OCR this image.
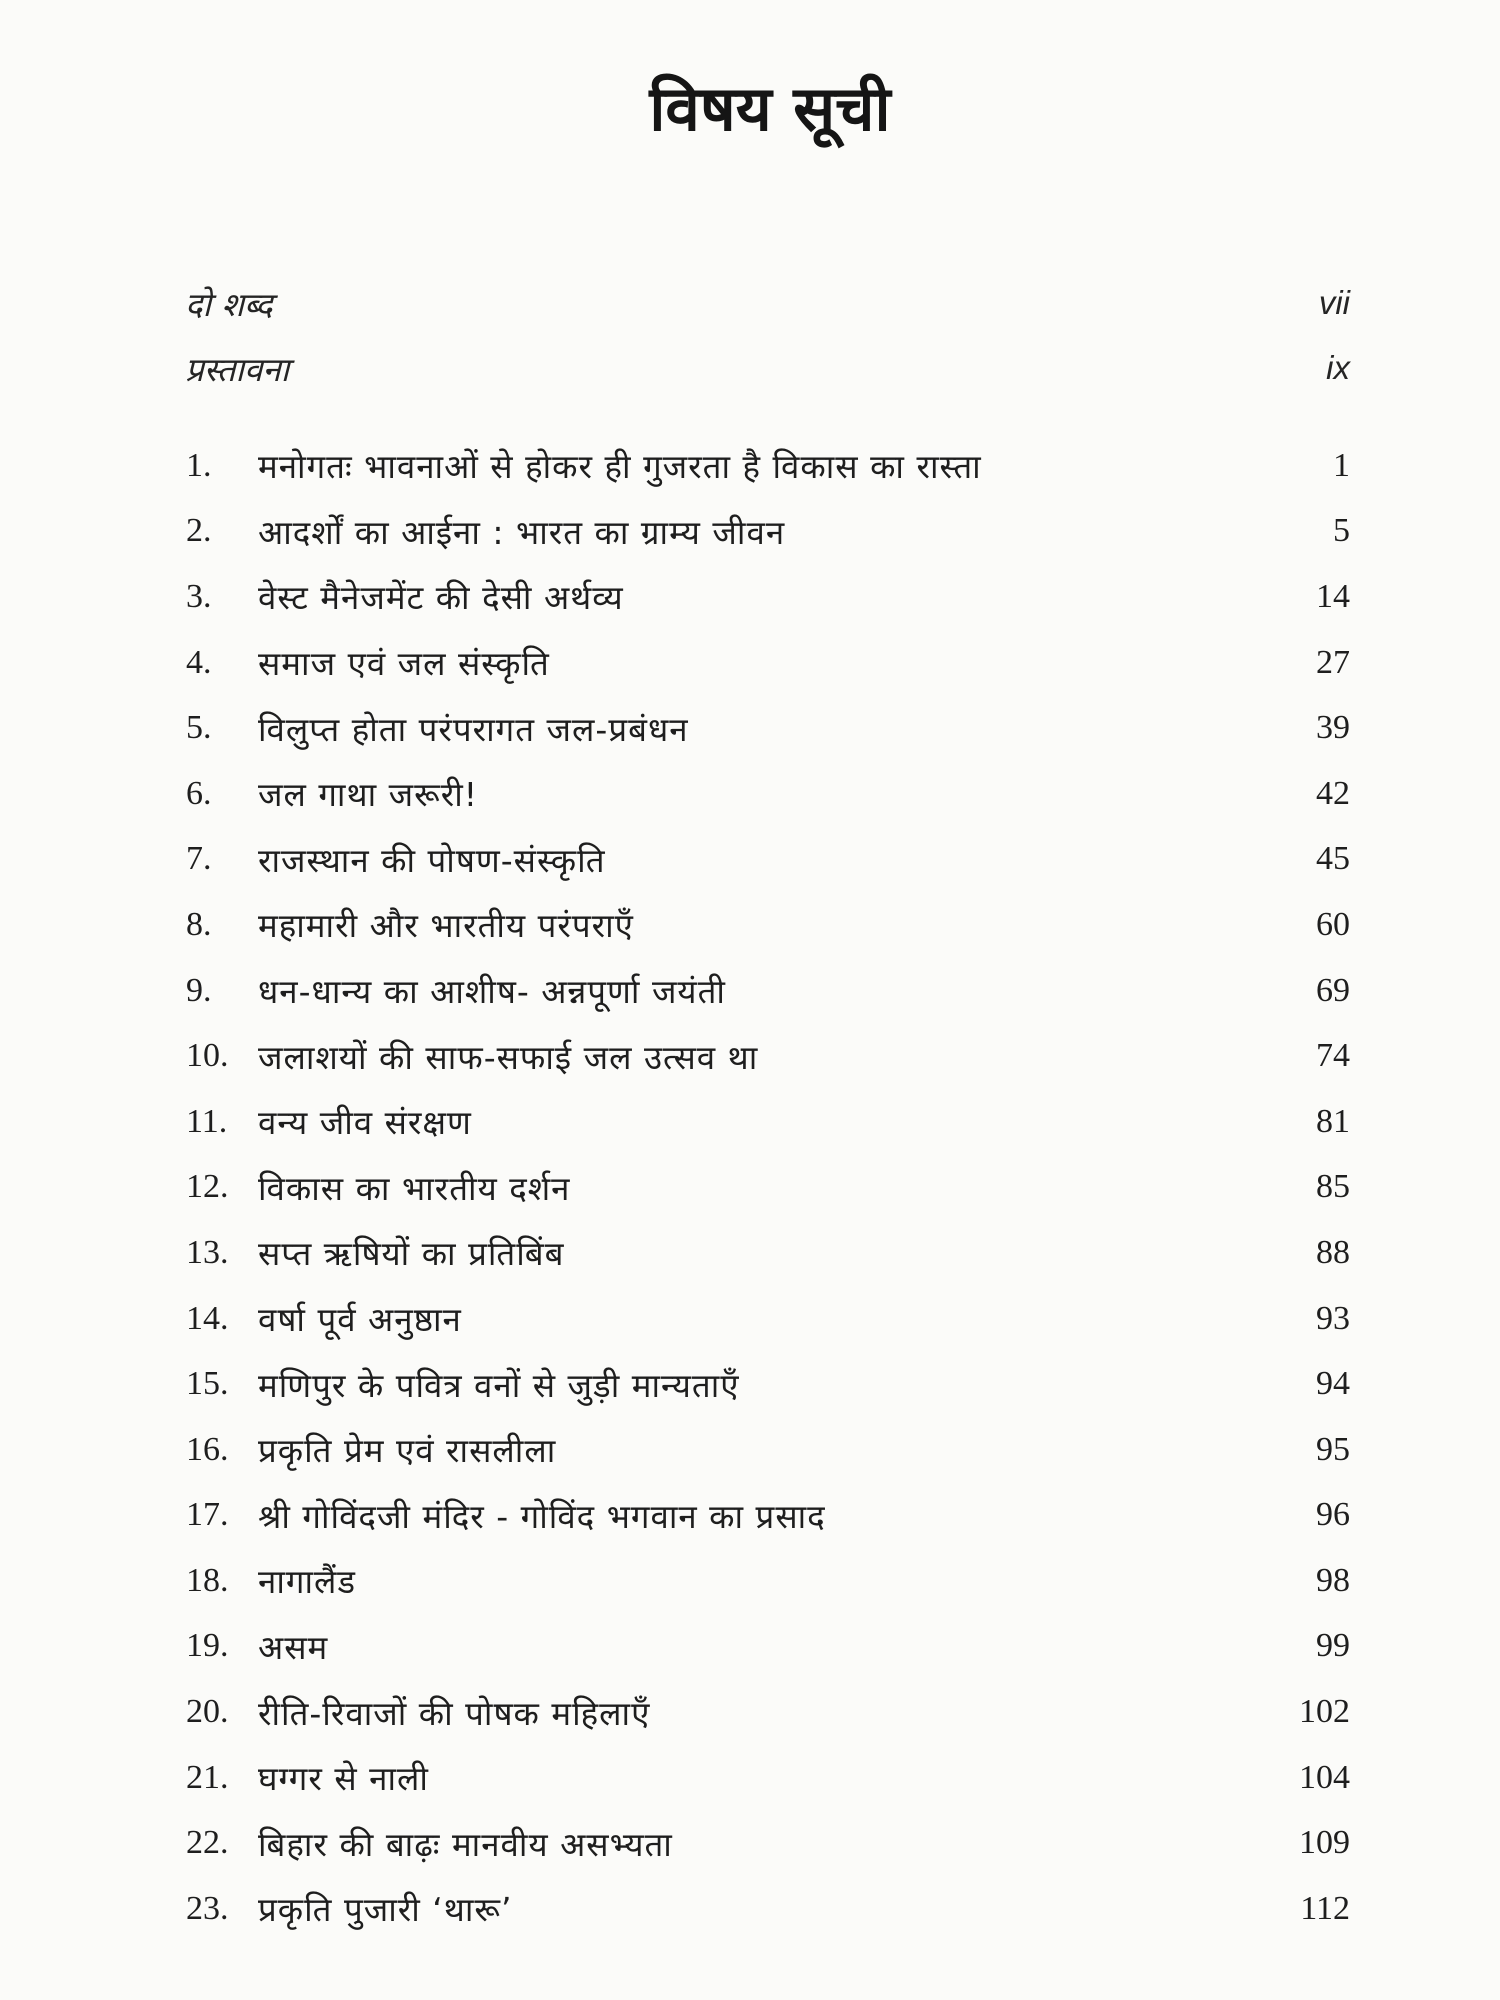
विषय सूची
दो शब्द	vii
प्रस्तावना	ix
1.	मनोगतः भावनाओं से होकर ही गुजरता है विकास का रास्ता	1
2.	आदर्शों का आईना : भारत का ग्राम्य जीवन	5
3.	वेस्ट मैनेजमेंट की देसी अर्थव्य	14
4.	समाज एवं जल संस्कृति	27
5.	विलुप्त होता परंपरागत जल-प्रबंधन	39
6.	जल गाथा जरूरी!	42
7.	राजस्थान की पोषण-संस्कृति	45
8.	महामारी और भारतीय परंपराएँ	60
9.	धन-धान्य का आशीष- अन्नपूर्णा जयंती	69
10. जलाशयों की साफ-सफाई जल उत्सव था	74
11. वन्य जीव संरक्षण	81
12. विकास का भारतीय दर्शन	85
13. सप्त ऋषियों का प्रतिबिंब	88
14. वर्षा पूर्व अनुष्ठान	93
15. मणिपुर के पवित्र वनों से जुड़ी मान्यताएँ	94
16. प्रकृति प्रेम एवं रासलीला	95
17. श्री गोविंदजी मंदिर - गोविंद भगवान का प्रसाद	96
18. नागालैंड	98
19. असम	99
20. रीति-रिवाजों की पोषक महिलाएँ	102
21. घग्गर से नाली	104
22. बिहार की बाढ़ः मानवीय असभ्यता	109
23. प्रकृति पुजारी ‘थारू’	112
